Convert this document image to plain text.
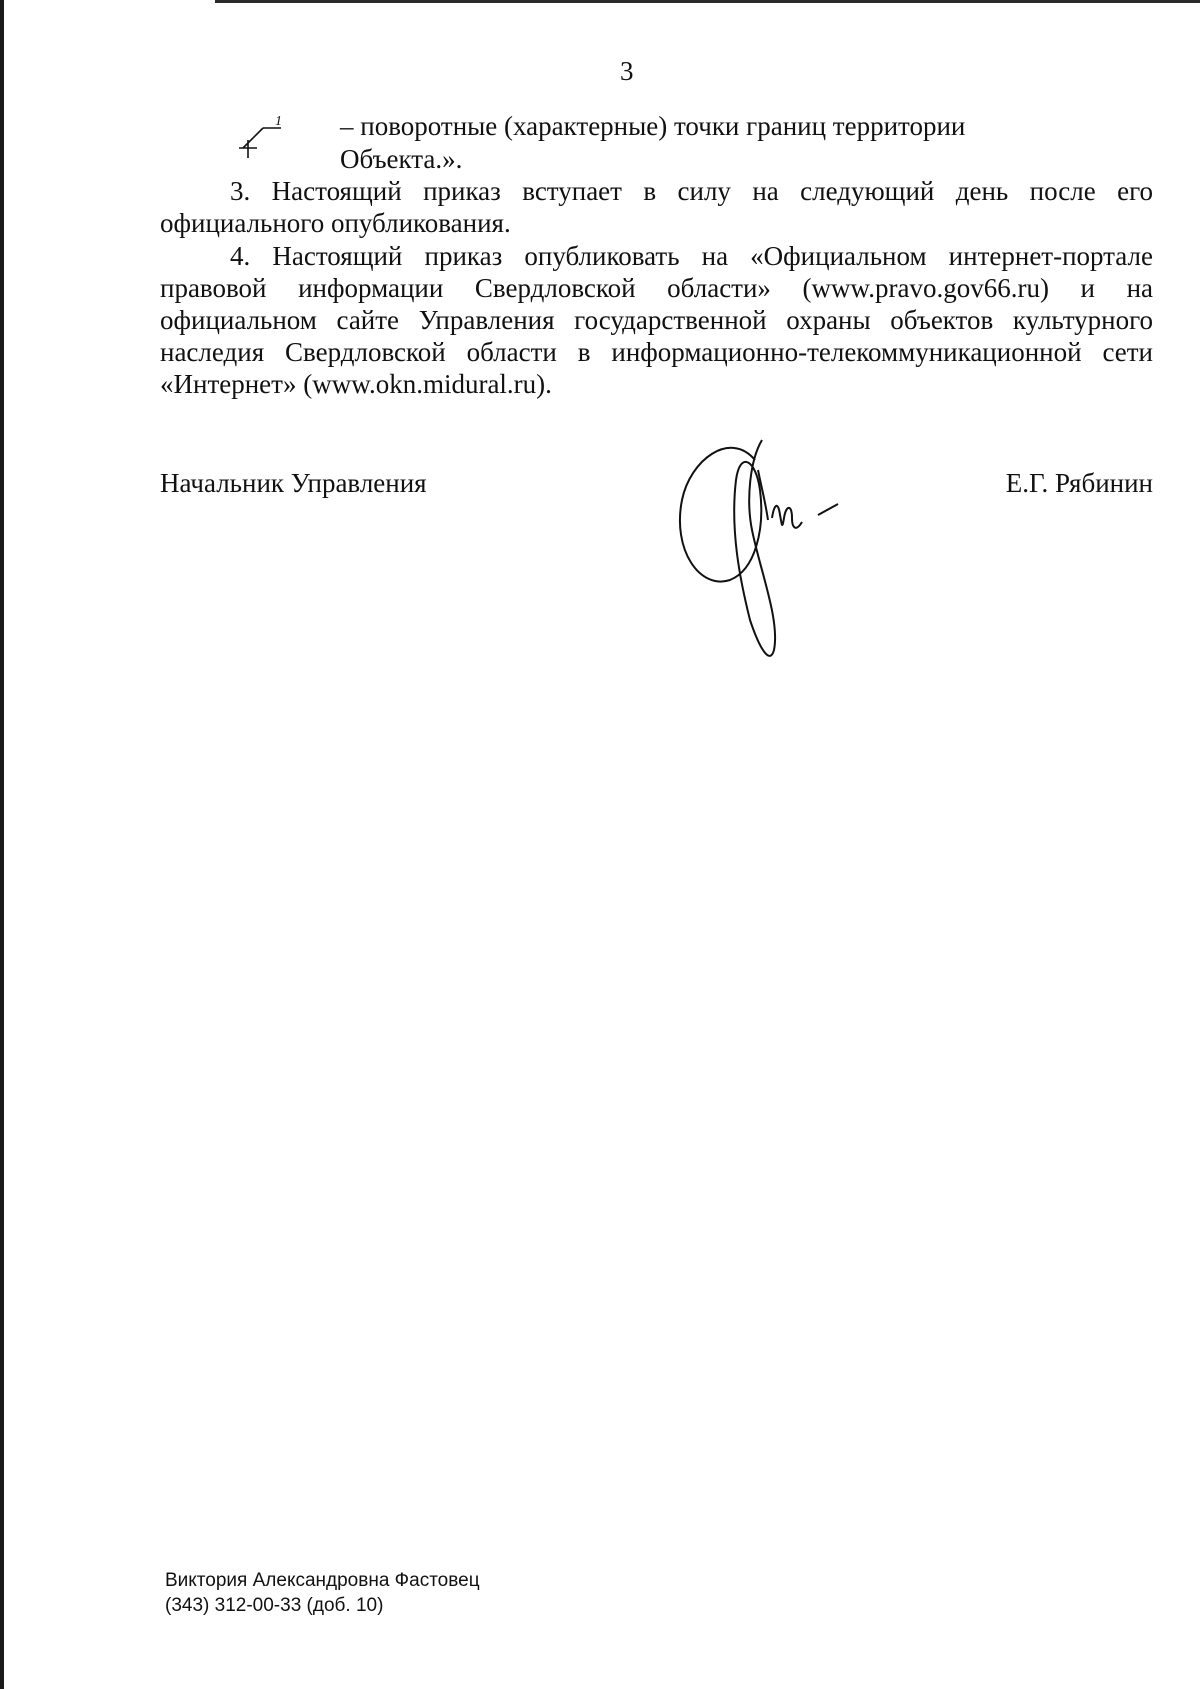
3
1 – поворотные (характерные) точки границ территории
Объекта.».

3. Настоящий приказ вступает в силу на следующий день после его официального опубликования.

4. Настоящий приказ опубликовать на «Официальном интернет-портале правовой информации Свердловской области» (www.pravo.gov66.ru) и на официальном сайте Управления государственной охраны объектов культурного наследия Свердловской области в информационно-телекоммуникационной сети «Интернет» (www.okn.midural.ru).

Начальник Управления	Е.Г. Рябинин
Виктория Александровна Фастовец
(343) 312-00-33 (доб. 10)
